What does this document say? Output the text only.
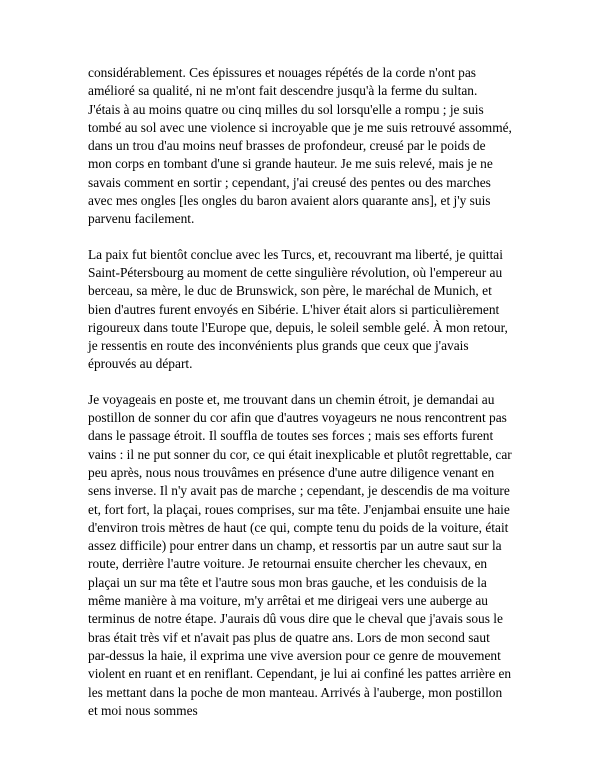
considérablement. Ces épissures et nouages répétés de la corde n'ont pas amélioré sa qualité, ni ne m'ont fait descendre jusqu'à la ferme du sultan. J'étais à au moins quatre ou cinq milles du sol lorsqu'elle a rompu ; je suis tombé au sol avec une violence si incroyable que je me suis retrouvé assommé, dans un trou d'au moins neuf brasses de profondeur, creusé par le poids de mon corps en tombant d'une si grande hauteur. Je me suis relevé, mais je ne savais comment en sortir ; cependant, j'ai creusé des pentes ou des marches avec mes ongles [les ongles du baron avaient alors quarante ans], et j'y suis parvenu facilement.

La paix fut bientôt conclue avec les Turcs, et, recouvrant ma liberté, je quittai Saint-Pétersbourg au moment de cette singulière révolution, où l'empereur au berceau, sa mère, le duc de Brunswick, son père, le maréchal de Munich, et bien d'autres furent envoyés en Sibérie. L'hiver était alors si particulièrement rigoureux dans toute l'Europe que, depuis, le soleil semble gelé. À mon retour, je ressentis en route des inconvénients plus grands que ceux que j'avais éprouvés au départ.

Je voyageais en poste et, me trouvant dans un chemin étroit, je demandai au postillon de sonner du cor afin que d'autres voyageurs ne nous rencontrent pas dans le passage étroit. Il souffla de toutes ses forces ; mais ses efforts furent vains : il ne put sonner du cor, ce qui était inexplicable et plutôt regrettable, car peu après, nous nous trouvâmes en présence d'une autre diligence venant en sens inverse. Il n'y avait pas de marche ; cependant, je descendis de ma voiture et, fort fort, la plaçai, roues comprises, sur ma tête. J'enjambai ensuite une haie d'environ trois mètres de haut (ce qui, compte tenu du poids de la voiture, était assez difficile) pour entrer dans un champ, et ressortis par un autre saut sur la route, derrière l'autre voiture. Je retournai ensuite chercher les chevaux, en plaçai un sur ma tête et l'autre sous mon bras gauche, et les conduisis de la même manière à ma voiture, m'y arrêtai et me dirigeai vers une auberge au terminus de notre étape. J'aurais dû vous dire que le cheval que j'avais sous le bras était très vif et n'avait pas plus de quatre ans. Lors de mon second saut par-dessus la haie, il exprima une vive aversion pour ce genre de mouvement violent en ruant et en reniflant. Cependant, je lui ai confiné les pattes arrière en les mettant dans la poche de mon manteau. Arrivés à l'auberge, mon postillon et moi nous sommes
